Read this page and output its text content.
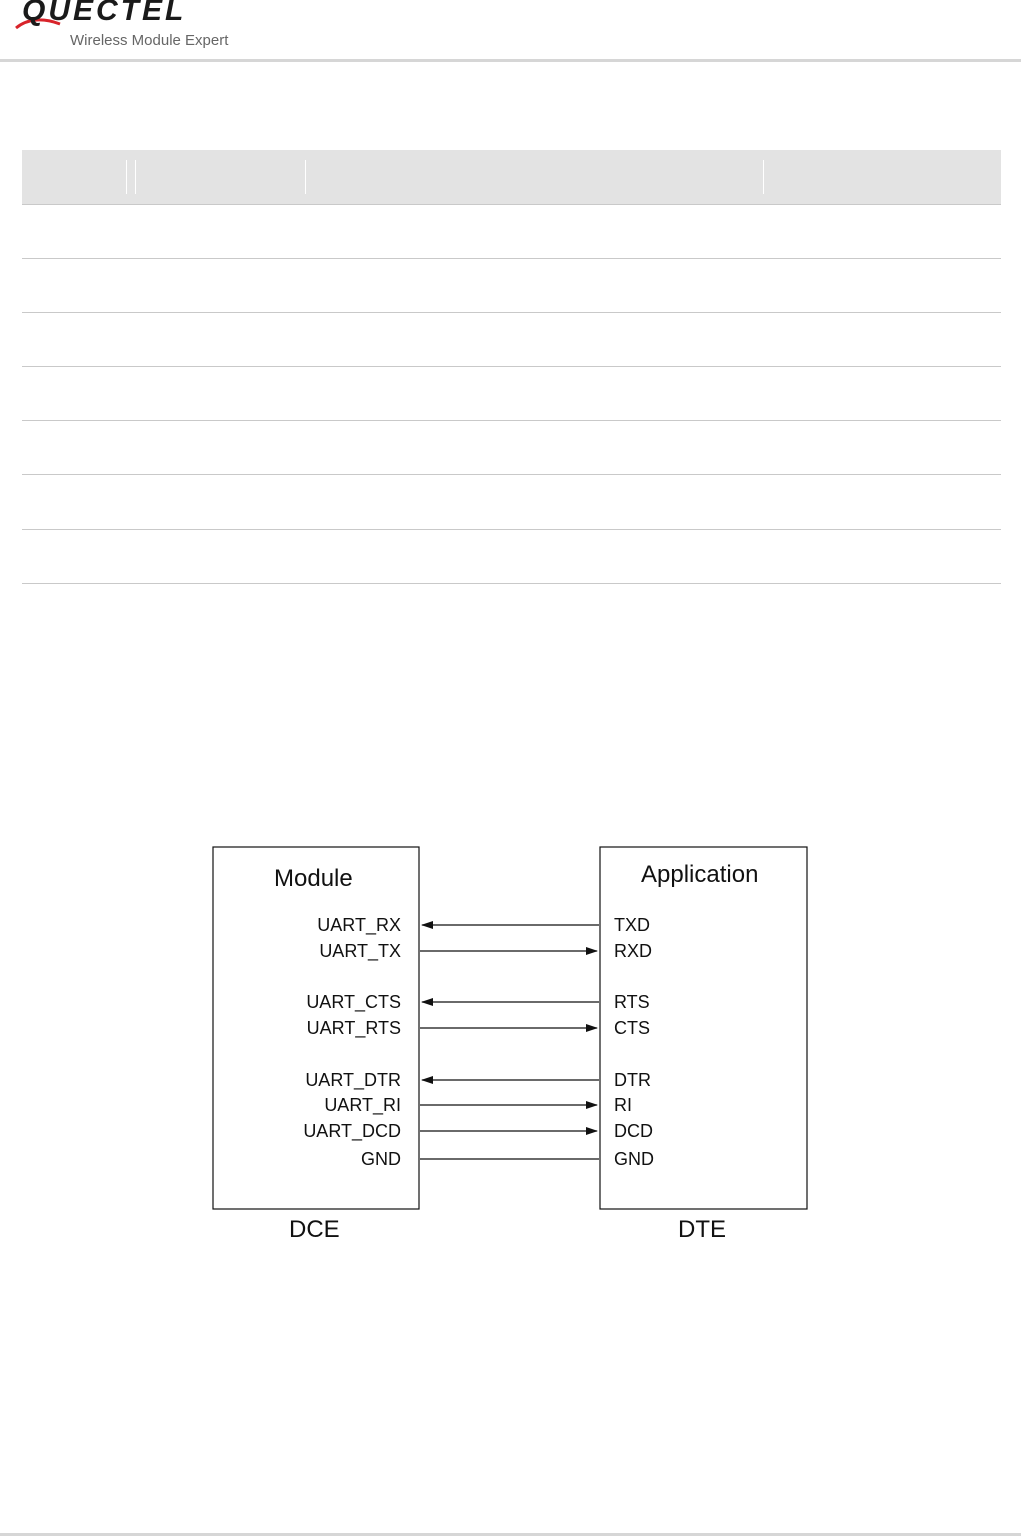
QUECTEL
Wireless Module Expert
Module	Application
DCE	DTE
UART_RX	TXD
UART_TX	RXD
UART_CTS	RTS
UART_RTS	CTS
UART_DTR	DTR
UART_RI	RI
UART_DCD	DCD
GND	GND
